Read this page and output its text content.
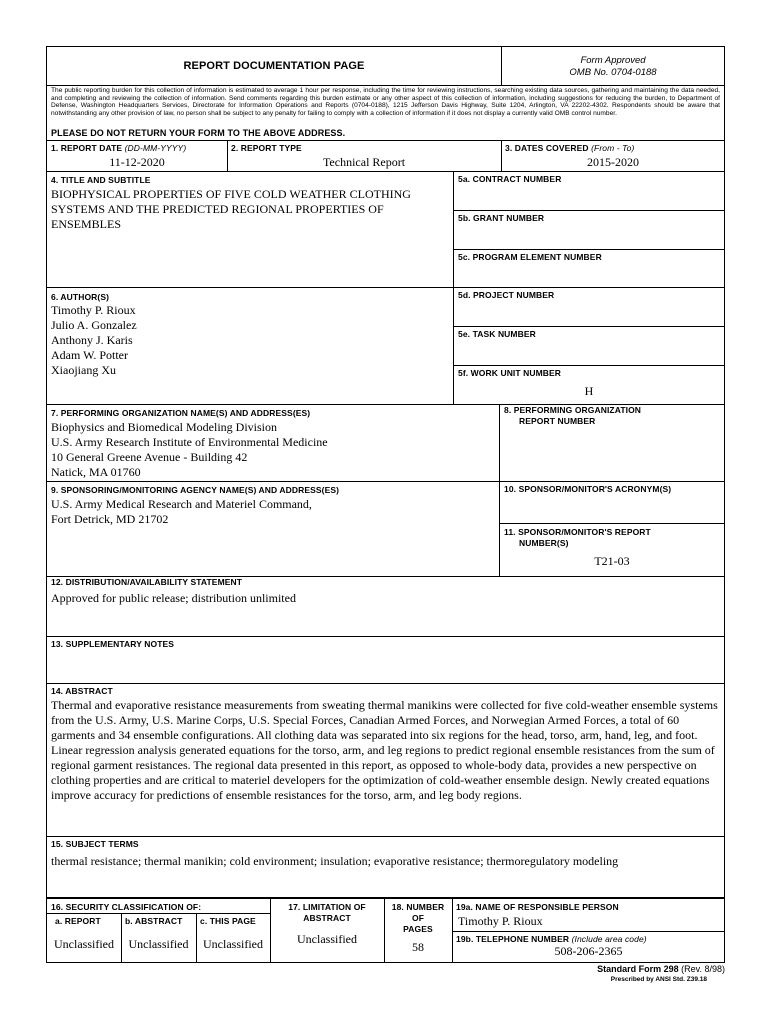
REPORT DOCUMENTATION PAGE	Form Approved
OMB No. 0704-0188
The public reporting burden for this collection of information is estimated to average 1 hour per response, including the time for reviewing instructions, searching existing data sources, gathering and maintaining the data needed, and completing and reviewing the collection of information. Send comments regarding this burden estimate or any other aspect of this collection of information, including suggestions for reducing the burden, to Department of Defense, Washington Headquarters Services, Directorate for Information Operations and Reports (0704-0188), 1215 Jefferson Davis Highway, Suite 1204, Arlington, VA 22202-4302. Respondents should be aware that notwithstanding any other provision of law, no person shall be subject to any penalty for failing to comply with a collection of information if it does not display a currently valid OMB control number.
PLEASE DO NOT RETURN YOUR FORM TO THE ABOVE ADDRESS.
1. REPORT DATE (DD-MM-YYYY)
11-12-2020
2. REPORT TYPE
Technical Report
3. DATES COVERED (From - To)
2015-2020
4. TITLE AND SUBTITLE
BIOPHYSICAL PROPERTIES OF FIVE COLD WEATHER CLOTHING
SYSTEMS AND THE PREDICTED REGIONAL PROPERTIES OF
ENSEMBLES
5a. CONTRACT NUMBER
5b. GRANT NUMBER
5c. PROGRAM ELEMENT NUMBER
6. AUTHOR(S)
Timothy P. Rioux
Julio A. Gonzalez
Anthony J. Karis
Adam W. Potter
Xiaojiang Xu
5d. PROJECT NUMBER
5e. TASK NUMBER
5f. WORK UNIT NUMBER
H
7. PERFORMING ORGANIZATION NAME(S) AND ADDRESS(ES)
Biophysics and Biomedical Modeling Division
U.S. Army Research Institute of Environmental Medicine
10 General Greene Avenue - Building 42
Natick, MA 01760
8. PERFORMING ORGANIZATION
REPORT NUMBER
9. SPONSORING/MONITORING AGENCY NAME(S) AND ADDRESS(ES)
U.S. Army Medical Research and Materiel Command,
Fort Detrick, MD 21702
10. SPONSOR/MONITOR'S ACRONYM(S)
11. SPONSOR/MONITOR'S REPORT
NUMBER(S)
T21-03
12. DISTRIBUTION/AVAILABILITY STATEMENT
Approved for public release; distribution unlimited
13. SUPPLEMENTARY NOTES
14. ABSTRACT
Thermal and evaporative resistance measurements from sweating thermal manikins were collected for five cold-weather ensemble systems from the U.S. Army, U.S. Marine Corps, U.S. Special Forces, Canadian Armed Forces, and Norwegian Armed Forces, a total of 60 garments and 34 ensemble configurations. All clothing data was separated into six regions for the head, torso, arm, hand, leg, and foot. Linear regression analysis generated equations for the torso, arm, and leg regions to predict regional ensemble resistances from the sum of regional garment resistances. The regional data presented in this report, as opposed to whole-body data, provides a new perspective on clothing properties and are critical to materiel developers for the optimization of cold-weather ensemble design. Newly created equations improve accuracy for predictions of ensemble resistances for the torso, arm, and leg body regions.
15. SUBJECT TERMS
thermal resistance; thermal manikin; cold environment; insulation; evaporative resistance; thermoregulatory modeling
16. SECURITY CLASSIFICATION OF:
a. REPORT	b. ABSTRACT c. THIS PAGE
Unclassified	Unclassified	Unclassified
17. LIMITATION OF
ABSTRACT
Unclassified
18. NUMBER
OF
PAGES
58
19a. NAME OF RESPONSIBLE PERSON
Timothy P. Rioux
19b. TELEPHONE NUMBER (Include area code)
508-206-2365
Standard Form 298 (Rev. 8/98)
Prescribed by ANSI Std. Z39.18
